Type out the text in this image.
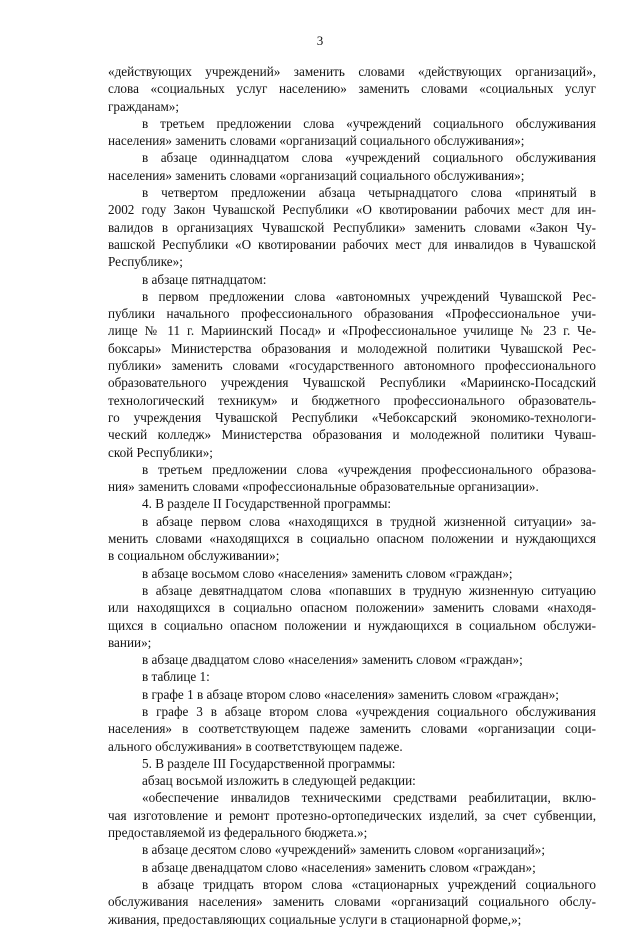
3
«действующих учреждений» заменить словами «действующих организаций»,
слова «социальных услуг населению» заменить словами «социальных услуг
гражданам»;
в третьем предложении слова «учреждений социального обслуживания
населения» заменить словами «организаций социального обслуживания»;
в абзаце одиннадцатом слова «учреждений социального обслуживания
населения» заменить словами «организаций социального обслуживания»;
в четвертом предложении абзаца четырнадцатого слова «принятый в
2002 году Закон Чувашской Республики «О квотировании рабочих мест для ин-
валидов в организациях Чувашской Республики» заменить словами «Закон Чу-
вашской Республики «О квотировании рабочих мест для инвалидов в Чувашской
Республике»;
в абзаце пятнадцатом:
в первом предложении слова «автономных учреждений Чувашской Рес-
публики начального профессионального образования «Профессиональное учи-
лище № 11 г. Мариинский Посад» и «Профессиональное училище № 23 г. Че-
боксары» Министерства образования и молодежной политики Чувашской Рес-
публики» заменить словами «государственного автономного профессионального
образовательного учреждения Чувашской Республики «Мариинско-Посадский
технологический техникум» и бюджетного профессионального образователь-
го учреждения Чувашской Республики «Чебоксарский экономико-технологи-
ческий колледж» Министерства образования и молодежной политики Чуваш-
ской Республики»;
в третьем предложении слова «учреждения профессионального образова-
ния» заменить словами «профессиональные образовательные организации».
4. В разделе II Государственной программы:
в абзаце первом слова «находящихся в трудной жизненной ситуации» за-
менить словами «находящихся в социально опасном положении и нуждающихся
в социальном обслуживании»;
в абзаце восьмом слово «населения» заменить словом «граждан»;
в абзаце девятнадцатом слова «попавших в трудную жизненную ситуацию
или находящихся в социально опасном положении» заменить словами «находя-
щихся в социально опасном положении и нуждающихся в социальном обслужи-
вании»;
в абзаце двадцатом слово «населения» заменить словом «граждан»;
в таблице 1:
в графе 1 в абзаце втором слово «населения» заменить словом «граждан»;
в графе 3 в абзаце втором слова «учреждения социального обслуживания
населения» в соответствующем падеже заменить словами «организации соци-
ального обслуживания» в соответствующем падеже.
5. В разделе III Государственной программы:
абзац восьмой изложить в следующей редакции:
«обеспечение инвалидов техническими средствами реабилитации, вклю-
чая изготовление и ремонт протезно-ортопедических изделий, за счет субвенции,
предоставляемой из федерального бюджета.»;
в абзаце десятом слово «учреждений» заменить словом «организаций»;
в абзаце двенадцатом слово «населения» заменить словом «граждан»;
в абзаце тридцать втором слова «стационарных учреждений социального
обслуживания населения» заменить словами «организаций социального обслу-
живания, предоставляющих социальные услуги в стационарной форме,»;
